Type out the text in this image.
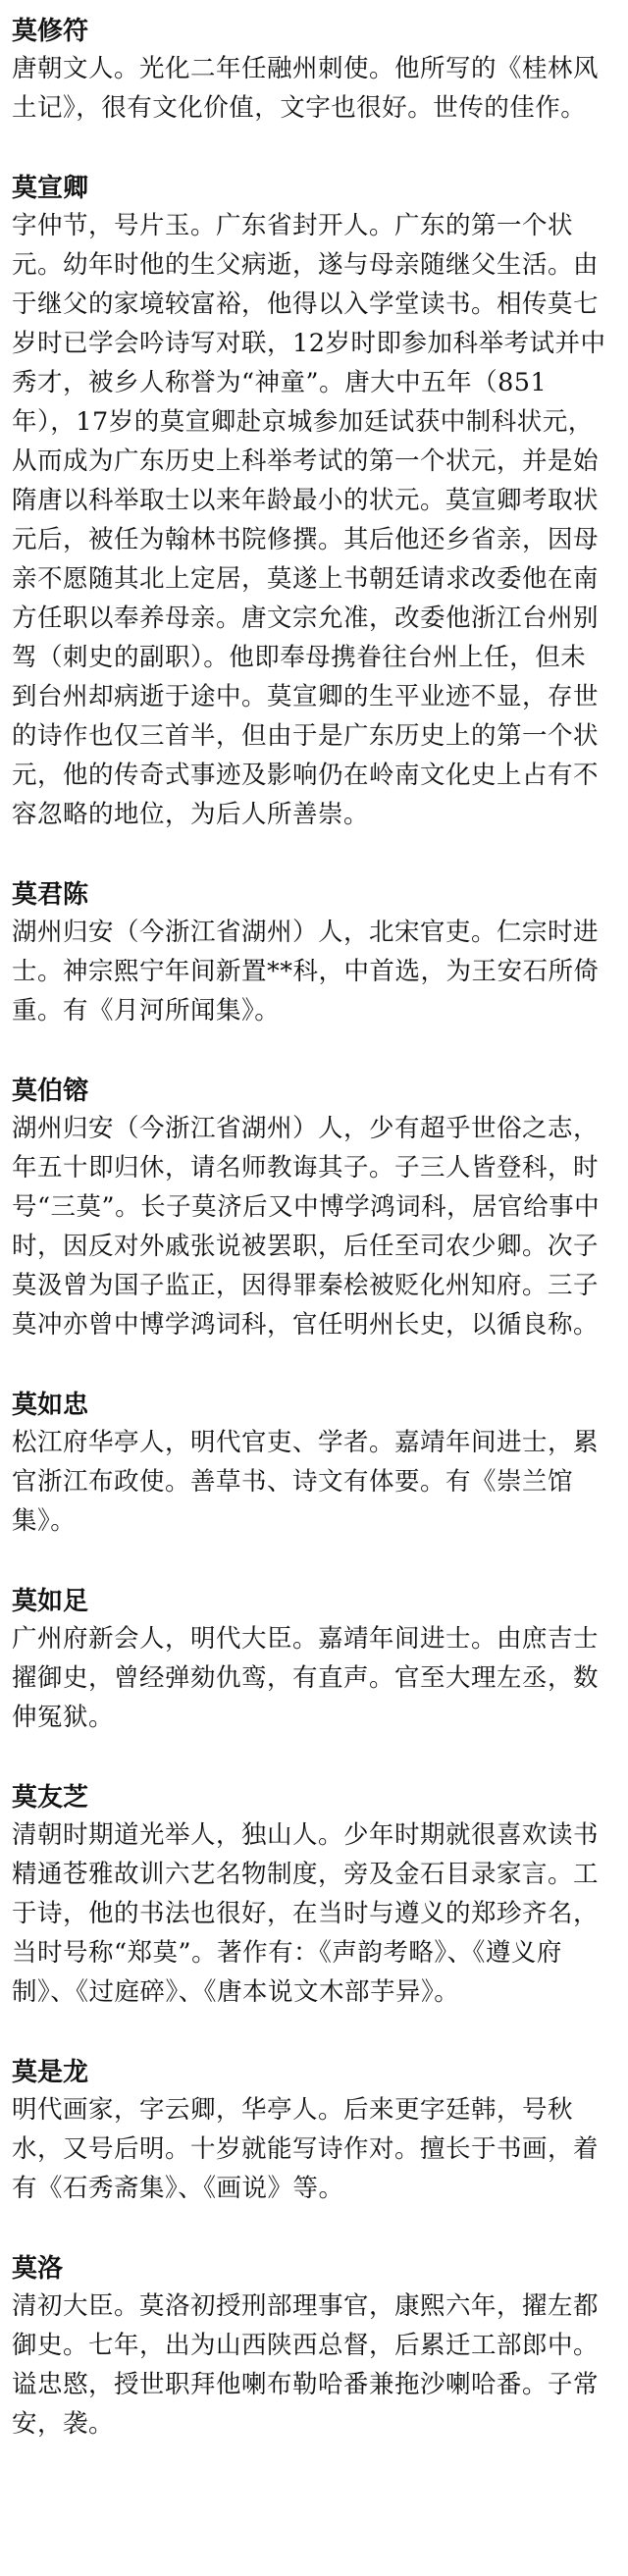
莫修符

唐朝文人。光化二年任融州刺使。他所写的《桂林风土记》，很有文化价值，文字也很好。世传的佳作。

莫宣卿

字仲节，号片玉。广东省封开人。广东的第一个状元。幼年时他的生父病逝，遂与母亲随继父生活。由于继父的家境较富裕，他得以入学堂读书。相传莫七岁时已学会吟诗写对联，12岁时即参加科举考试并中秀才，被乡人称誉为“神童”。唐大中五年（851年），17岁的莫宣卿赴京城参加廷试获中制科状元，从而成为广东历史上科举考试的第一个状元，并是始隋唐以科举取士以来年龄最小的状元。莫宣卿考取状元后，被任为翰林书院修撰。其后他还乡省亲，因母亲不愿随其北上定居，莫遂上书朝廷请求改委他在南方任职以奉养母亲。唐文宗允准，改委他浙江台州别驾（刺史的副职）。他即奉母携眷往台州上任，但未到台州却病逝于途中。莫宣卿的生平业迹不显，存世的诗作也仅三首半，但由于是广东历史上的第一个状元，他的传奇式事迹及影响仍在岭南文化史上占有不容忽略的地位，为后人所善崇。

莫君陈

湖州归安（今浙江省湖州）人，北宋官吏。仁宗时进士。神宗熙宁年间新置**科，中首选，为王安石所倚重。有《月河所闻集》。

莫伯镕

湖州归安（今浙江省湖州）人，少有超乎世俗之志，年五十即归休，请名师教诲其子。子三人皆登科，时号“三莫”。长子莫济后又中博学鸿词科，居官给事中时，因反对外戚张说被罢职，后任至司农少卿。次子莫汲曾为国子监正，因得罪秦桧被贬化州知府。三子莫冲亦曾中博学鸿词科，官任明州长史，以循良称。

莫如忠

松江府华亭人，明代官吏、学者。嘉靖年间进士，累官浙江布政使。善草书、诗文有体要。有《崇兰馆集》。

莫如足

广州府新会人，明代大臣。嘉靖年间进士。由庶吉士擢御史，曾经弹劾仇鸾，有直声。官至大理左丞，数伸冤狱。

莫友芝

清朝时期道光举人，独山人。少年时期就很喜欢读书精通苍雅故训六艺名物制度，旁及金石目录家言。工于诗，他的书法也很好，在当时与遵义的郑珍齐名，当时号称“郑莫”。著作有：《声韵考略》、《遵义府制》、《过庭碎》、《唐本说文木部芋异》。

莫是龙

明代画家，字云卿，华亭人。后来更字廷韩，号秋水，又号后明。十岁就能写诗作对。擅长于书画，着有《石秀斋集》、《画说》等。

莫洛

清初大臣。莫洛初授刑部理事官，康熙六年，擢左都御史。七年，出为山西陕西总督，后累迁工部郎中。谥忠愍，授世职拜他喇布勒哈番兼拖沙喇哈番。子常安，袭。
